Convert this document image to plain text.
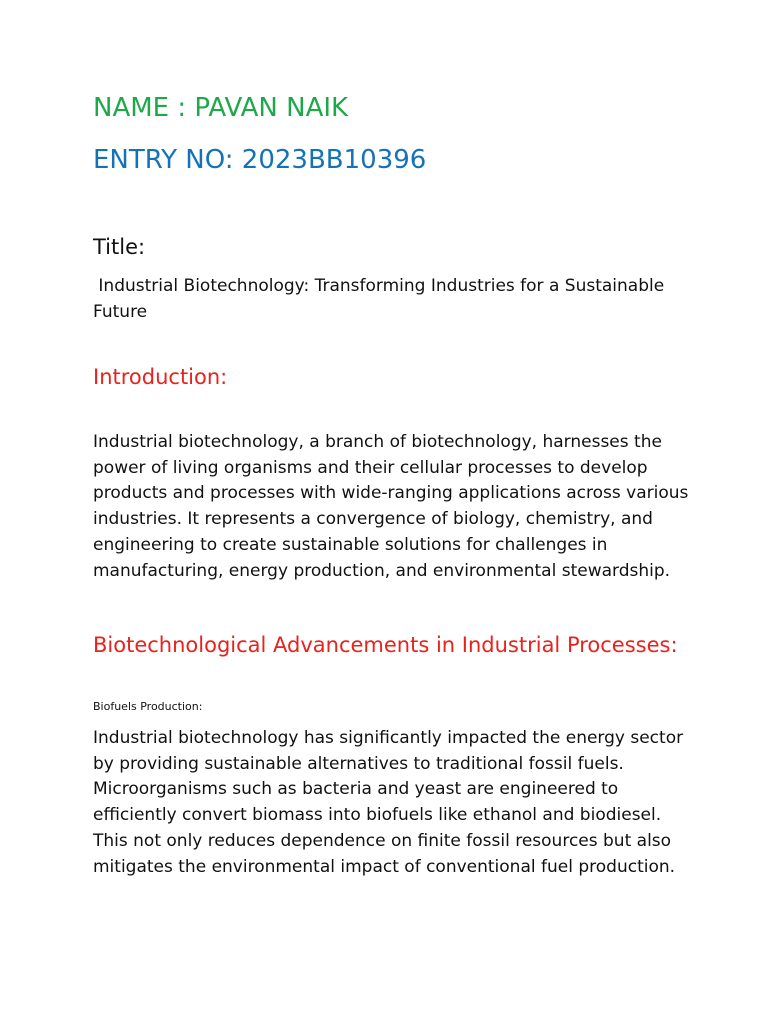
NAME : PAVAN NAIK
ENTRY NO: 2023BB10396
Title:
Industrial Biotechnology: Transforming Industries for a Sustainable
Future
Introduction:
Industrial biotechnology, a branch of biotechnology, harnesses the
power of living organisms and their cellular processes to develop
products and processes with wide-ranging applications across various
industries. It represents a convergence of biology, chemistry, and
engineering to create sustainable solutions for challenges in
manufacturing, energy production, and environmental stewardship.
Biotechnological Advancements in Industrial Processes:
Biofuels Production:
Industrial biotechnology has significantly impacted the energy sector
by providing sustainable alternatives to traditional fossil fuels.
Microorganisms such as bacteria and yeast are engineered to
efficiently convert biomass into biofuels like ethanol and biodiesel.
This not only reduces dependence on finite fossil resources but also
mitigates the environmental impact of conventional fuel production.
